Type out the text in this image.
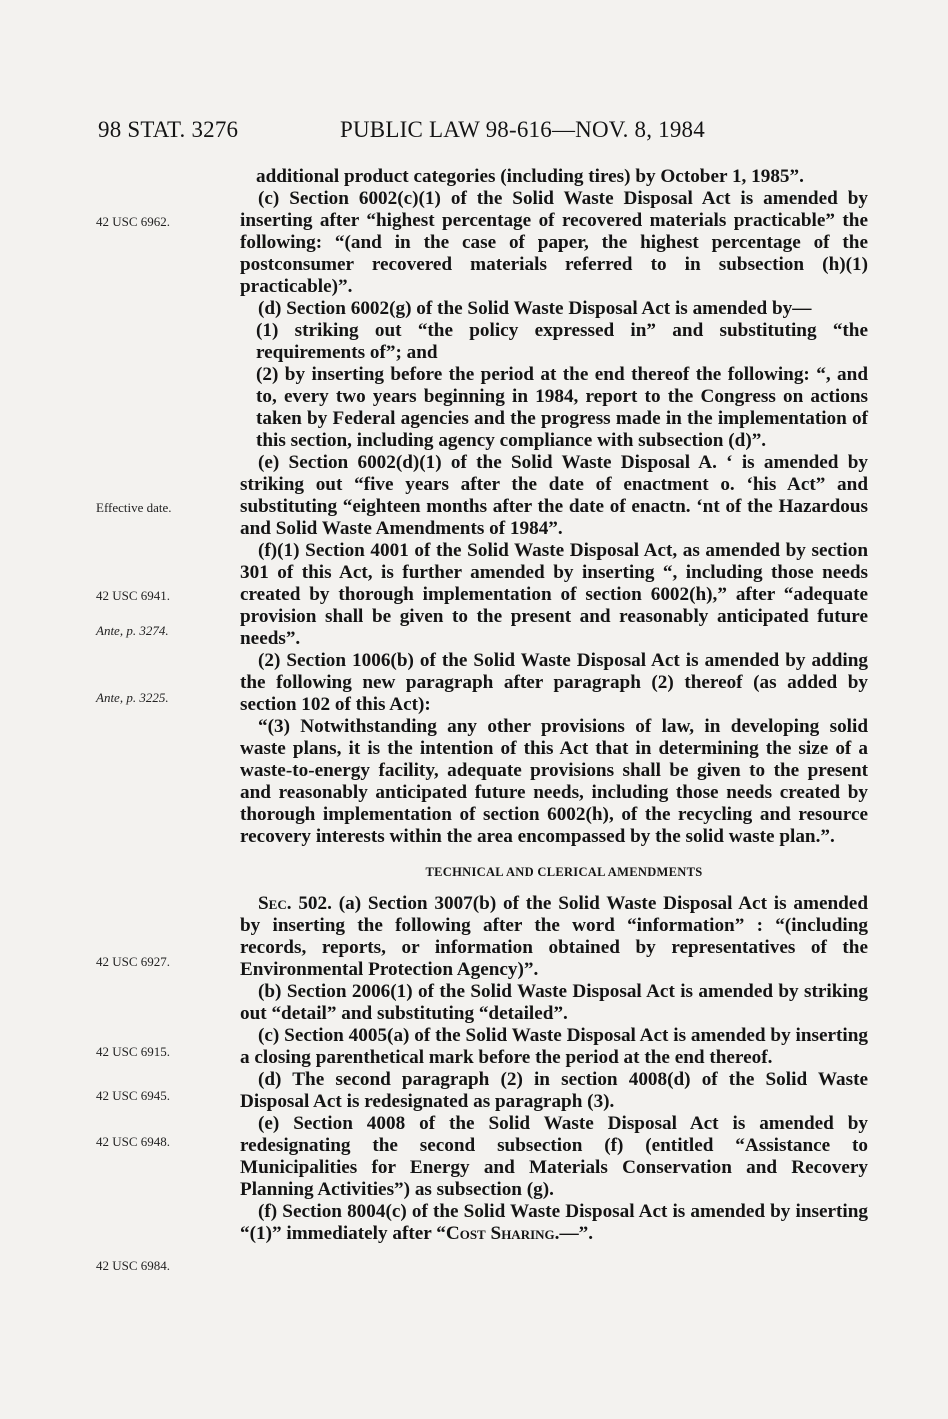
98 STAT. 3276	PUBLIC LAW 98-616—NOV. 8, 1984
42 USC 6962.
Effective date.
42 USC 6941.
Ante, p. 3274.
Ante, p. 3225.
42 USC 6927.
42 USC 6915.
42 USC 6945.
42 USC 6948.
42 USC 6984.

additional product categories (including tires) by October 1, 1985”.

(c) Section 6002(c)(1) of the Solid Waste Disposal Act is amended by inserting after “highest percentage of recovered materials practicable” the following: “(and in the case of paper, the highest percentage of the postconsumer recovered materials referred to in subsection (h)(1) practicable)”.

(d) Section 6002(g) of the Solid Waste Disposal Act is amended by—

(1) striking out “the policy expressed in” and substituting “the requirements of”; and

(2) by inserting before the period at the end thereof the following: “, and to, every two years beginning in 1984, report to the Congress on actions taken by Federal agencies and the progress made in the implementation of this section, including agency compliance with subsection (d)”.

(e) Section 6002(d)(1) of the Solid Waste Disposal A. ‘ is amended by striking out “five years after the date of enactment o. ‘his Act” and substituting “eighteen months after the date of enactn. ‘nt of the Hazardous and Solid Waste Amendments of 1984”.

(f)(1) Section 4001 of the Solid Waste Disposal Act, as amended by section 301 of this Act, is further amended by inserting “, including those needs created by thorough implementation of section 6002(h),” after “adequate provision shall be given to the present and reasonably anticipated future needs”.

(2) Section 1006(b) of the Solid Waste Disposal Act is amended by adding the following new paragraph after paragraph (2) thereof (as added by section 102 of this Act):

“(3) Notwithstanding any other provisions of law, in developing solid waste plans, it is the intention of this Act that in determining the size of a waste-to-energy facility, adequate provisions shall be given to the present and reasonably anticipated future needs, including those needs created by thorough implementation of section 6002(h), of the recycling and resource recovery interests within the area encompassed by the solid waste plan.”.

TECHNICAL AND CLERICAL AMENDMENTS

Sec. 502. (a) Section 3007(b) of the Solid Waste Disposal Act is amended by inserting the following after the word “information” : “(including records, reports, or information obtained by representatives of the Environmental Protection Agency)”.

(b) Section 2006(1) of the Solid Waste Disposal Act is amended by striking out “detail” and substituting “detailed”.

(c) Section 4005(a) of the Solid Waste Disposal Act is amended by inserting a closing parenthetical mark before the period at the end thereof.

(d) The second paragraph (2) in section 4008(d) of the Solid Waste Disposal Act is redesignated as paragraph (3).

(e) Section 4008 of the Solid Waste Disposal Act is amended by redesignating the second subsection (f) (entitled “Assistance to Municipalities for Energy and Materials Conservation and Recovery Planning Activities”) as subsection (g).

(f) Section 8004(c) of the Solid Waste Disposal Act is amended by inserting “(1)” immediately after “Cost Sharing.—”.
